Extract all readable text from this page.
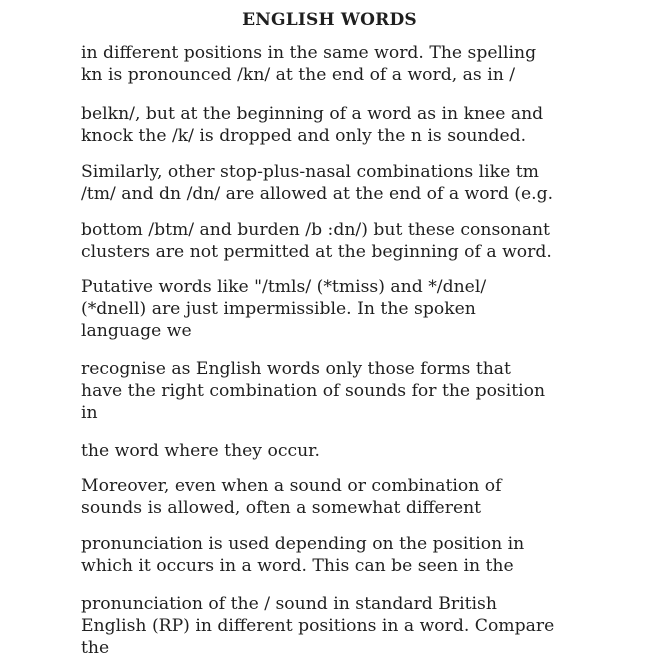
ENGLISH WORDS
in different positions in the same word. The spelling
kn is pronounced /kn/ at the end of a word, as in /
belkn/, but at the beginning of a word as in knee and
knock the /k/ is dropped and only the n is sounded.
Similarly, other stop-plus-nasal combinations like tm
/tm/ and dn /dn/ are allowed at the end of a word (e.g.
bottom /btm/ and burden /b :dn/) but these consonant
clusters are not permitted at the beginning of a word.
Putative words like "/tmls/ (*tmiss) and */dnel/
(*dnell) are just impermissible. In the spoken
language we
recognise as English words only those forms that
have the right combination of sounds for the position
in
the word where they occur.
Moreover, even when a sound or combination of
sounds is allowed, often a somewhat different
pronunciation is used depending on the position in
which it occurs in a word. This can be seen in the
pronunciation of the / sound in standard British
English (RP) in different positions in a word. Compare
the
